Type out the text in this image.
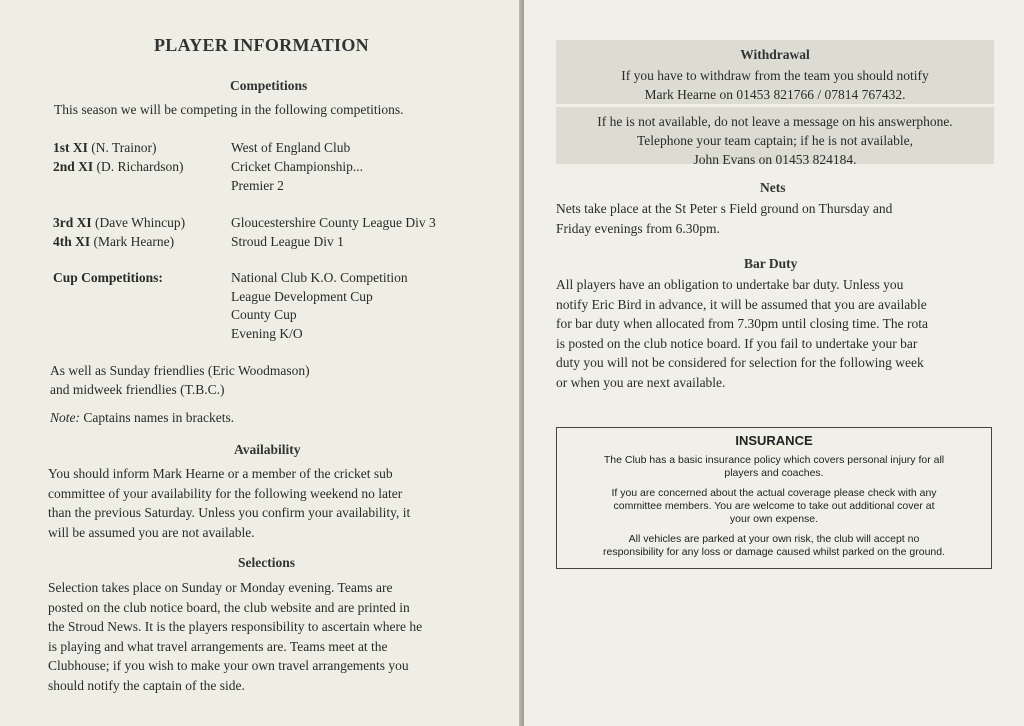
PLAYER INFORMATION
Competitions
This season we will be competing in the following competitions.
1st XI (N. Trainor)	West of England Club
2nd XI (D. Richardson)	Cricket Championship...
Premier 2
3rd XI (Dave Whincup)	Gloucestershire County League Div 3
4th XI (Mark Hearne)	Stroud League Div 1
Cup Competitions:	National Club K.O. Competition
League Development Cup
County Cup
Evening K/O
As well as Sunday friendlies (Eric Woodmason)
and midweek friendlies (T.B.C.)
Note: Captains names in brackets.
Availability
You should inform Mark Hearne or a member of the cricket sub
committee of your availability for the following weekend no later
than the previous Saturday. Unless you confirm your availability, it
will be assumed you are not available.
Selections
Selection takes place on Sunday or Monday evening. Teams are
posted on the club notice board, the club website and are printed in
the Stroud News. It is the players responsibility to ascertain where he
is playing and what travel arrangements are. Teams meet at the
Clubhouse; if you wish to make your own travel arrangements you
should notify the captain of the side.
Withdrawal
If you have to withdraw from the team you should notify
Mark Hearne on 01453 821766 / 07814 767432.
If he is not available, do not leave a message on his answerphone.
Telephone your team captain; if he is not available,
John Evans on 01453 824184.
Nets
Nets take place at the St Peter s Field ground on Thursday and
Friday evenings from 6.30pm.
Bar Duty
All players have an obligation to undertake bar duty. Unless you
notify Eric Bird in advance, it will be assumed that you are available
for bar duty when allocated from 7.30pm until closing time. The rota
is posted on the club notice board. If you fail to undertake your bar
duty you will not be considered for selection for the following week
or when you are next available.
INSURANCE

The Club has a basic insurance policy which covers personal injury for all
players and coaches.

If you are concerned about the actual coverage please check with any
committee members. You are welcome to take out additional cover at
your own expense.

All vehicles are parked at your own risk, the club will accept no
responsibility for any loss or damage caused whilst parked on the ground.
